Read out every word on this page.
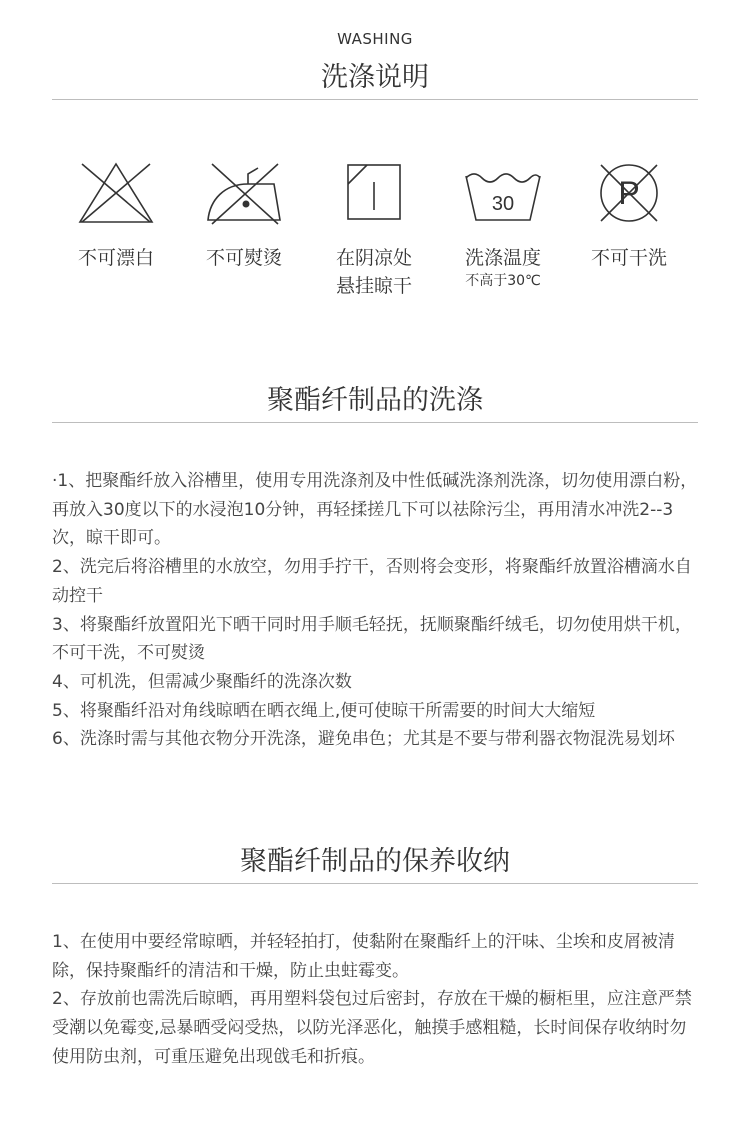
WASHING
洗涤说明
不可漂白	不可熨烫	在阴凉处
悬挂晾干
30
洗涤温度
不高于30℃
P
不可干洗
聚酯纤制品的洗涤

·1、把聚酯纤放入浴槽里，使用专用洗涤剂及中性低碱洗涤剂洗涤，切勿使用漂白粉，再放入30度以下的水浸泡10分钟，再轻揉搓几下可以祛除污尘，再用清水冲洗2--3次，晾干即可。

2、洗完后将浴槽里的水放空，勿用手拧干，否则将会变形，将聚酯纤放置浴槽滴水自动控干

3、将聚酯纤放置阳光下晒干同时用手顺毛轻抚，抚顺聚酯纤绒毛，切勿使用烘干机，不可干洗，不可熨烫

4、可机洗，但需减少聚酯纤的洗涤次数

5、将聚酯纤沿对角线晾晒在晒衣绳上,便可使晾干所需要的时间大大缩短

6、洗涤时需与其他衣物分开洗涤，避免串色；尤其是不要与带利器衣物混洗易划坏

聚酯纤制品的保养收纳

1、在使用中要经常晾晒，并轻轻拍打，使黏附在聚酯纤上的汗味、尘埃和皮屑被清除，保持聚酯纤的清洁和干燥，防止虫蛀霉变。

2、存放前也需洗后晾晒，再用塑料袋包过后密封，存放在干燥的橱柜里，应注意严禁受潮以免霉变,忌暴晒受闷受热，以防光泽恶化，触摸手感粗糙，长时间保存收纳时勿使用防虫剂，可重压避免出现戗毛和折痕。
